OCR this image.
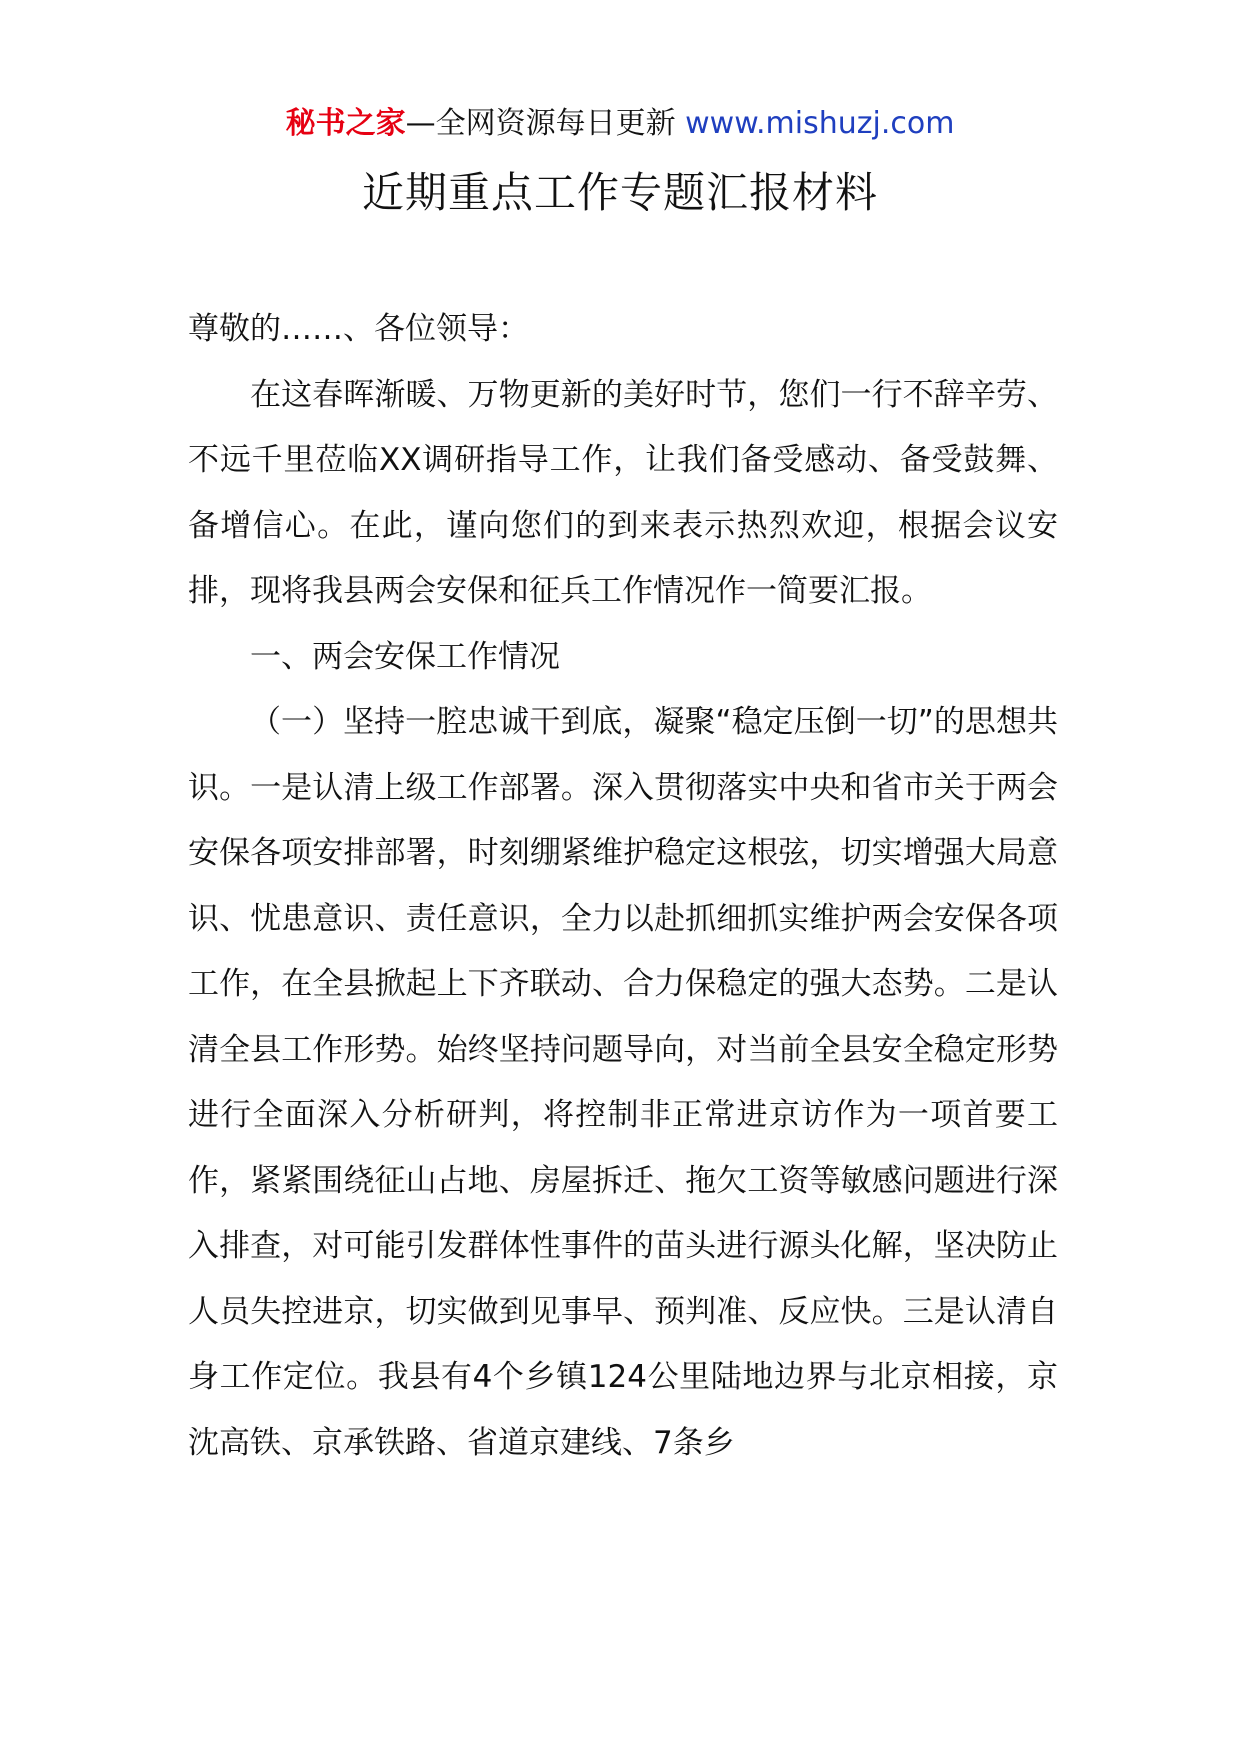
秘书之家—全网资源每日更新 www.mishuzj.com
近期重点工作专题汇报材料

尊敬的……、各位领导：

在这春晖渐暖、万物更新的美好时节，您们一行不辞辛劳、不远千里莅临XX调研指导工作，让我们备受感动、备受鼓舞、备增信心。在此，谨向您们的到来表示热烈欢迎，根据会议安排，现将我县两会安保和征兵工作情况作一简要汇报。

一、两会安保工作情况

（一）坚持一腔忠诚干到底，凝聚“稳定压倒一切”的思想共识。一是认清上级工作部署。深入贯彻落实中央和省市关于两会安保各项安排部署，时刻绷紧维护稳定这根弦，切实增强大局意识、忧患意识、责任意识，全力以赴抓细抓实维护两会安保各项工作，在全县掀起上下齐联动、合力保稳定的强大态势。二是认清全县工作形势。始终坚持问题导向，对当前全县安全稳定形势进行全面深入分析研判，将控制非正常进京访作为一项首要工作，紧紧围绕征山占地、房屋拆迁、拖欠工资等敏感问题进行深入排查，对可能引发群体性事件的苗头进行源头化解，坚决防止人员失控进京，切实做到见事早、预判准、反应快。三是认清自身工作定位。我县有4个乡镇124公里陆地边界与北京相接，京沈高铁、京承铁路、省道京建线、7条乡
